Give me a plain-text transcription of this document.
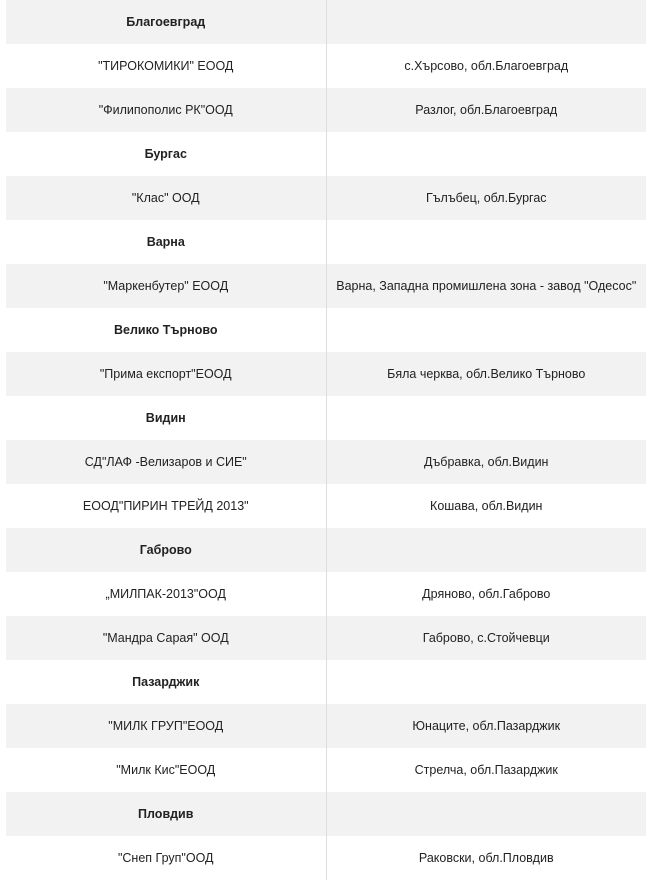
Благоевград	
"ТИРОКОМИКИ" ЕООД	с.Хърсово, обл.Благоевград
"Филипополис РК"ООД	Разлог, обл.Благоевград
Бургас	
"Клас" ООД	Гълъбец, обл.Бургас
Варна	
"Маркенбутер" ЕООД	Варна, Западна промишлена зона - завод "Одесос"
Велико Търново	
"Прима експорт"ЕООД	Бяла черква, обл.Велико Търново
Видин	
СД"ЛАФ -Велизаров и СИЕ"	Дъбравка, обл.Видин
ЕООД"ПИРИН ТРЕЙД 2013"	Кошава, обл.Видин
Габрово	
„МИЛПАК-2013"ООД	Дряново, обл.Габрово
"Мандра Сарая" ООД	Габрово, с.Стойчевци
Пазарджик	
"МИЛК ГРУП"ЕООД	Юнаците, обл.Пазарджик
"Милк Кис"ЕООД	Стрелча, обл.Пазарджик
Пловдив	
"Снеп Груп"ООД	Раковски, обл.Пловдив
